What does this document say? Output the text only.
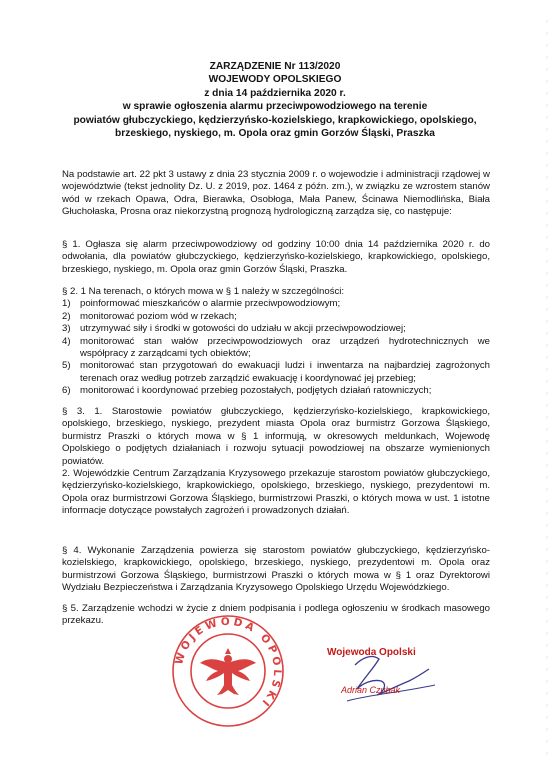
ZARZĄDZENIE Nr 113/2020
WOJEWODY OPOLSKIEGO
z dnia 14 października 2020 r.
w sprawie ogłoszenia alarmu przeciwpowodziowego na terenie
powiatów głubczyckiego, kędzierzyńsko-kozielskiego, krapkowickiego, opolskiego,
brzeskiego, nyskiego, m. Opola oraz gmin Gorzów Śląski, Praszka

Na podstawie art. 22 pkt 3 ustawy z dnia 23 stycznia 2009 r. o wojewodzie i administracji rządowej w województwie (tekst jednolity Dz. U. z 2019, poz. 1464 z późn. zm.), w związku ze wzrostem stanów wód w rzekach Opawa, Odra, Bierawka, Osobłoga, Mała Panew, Ścinawa Niemodlińska, Biała Głuchołaska, Prosna oraz niekorzystną prognozą hydrologiczną zarządza się, co następuje:

§ 1. Ogłasza się alarm przeciwpowodziowy od godziny 10:00 dnia 14 października 2020 r. do odwołania, dla powiatów głubczyckiego, kędzierzyńsko-kozielskiego, krapkowickiego, opolskiego, brzeskiego, nyskiego, m. Opola oraz gmin Gorzów Śląski, Praszka.

§ 2. 1 Na terenach, o których mowa w § 1 należy w szczególności:

1) poinformować mieszkańców o alarmie przeciwpowodziowym;
2) monitorować poziom wód w rzekach;
3) utrzymywać siły i środki w gotowości do udziału w akcji przeciwpowodziowej;
4) monitorować stan wałów przeciwpowodziowych oraz urządzeń hydrotechnicznych we współpracy z zarządcami tych obiektów;
5) monitorować stan przygotowań do ewakuacji ludzi i inwentarza na najbardziej zagrożonych terenach oraz według potrzeb zarządzić ewakuację i koordynować jej przebieg;
6) monitorować i koordynować przebieg pozostałych, podjętych działań ratowniczych;

§ 3. 1. Starostowie powiatów głubczyckiego, kędzierzyńsko-kozielskiego, krapkowickiego, opolskiego, brzeskiego, nyskiego, prezydent miasta Opola oraz burmistrz Gorzowa Śląskiego, burmistrz Praszki o których mowa w § 1 informują, w okresowych meldunkach, Wojewodę Opolskiego o podjętych działaniach i rozwoju sytuacji powodziowej na obszarze wymienionych powiatów.

2. Wojewódzkie Centrum Zarządzania Kryzysowego przekazuje starostom powiatów głubczyckiego, kędzierzyńsko-kozielskiego, krapkowickiego, opolskiego, brzeskiego, nyskiego, prezydentowi m. Opola oraz burmistrzowi Gorzowa Śląskiego, burmistrzowi Praszki, o których mowa w ust. 1 istotne informacje dotyczące powstałych zagrożeń i prowadzonych działań.

§ 4. Wykonanie Zarządzenia powierza się starostom powiatów głubczyckiego, kędzierzyńsko-kozielskiego, krapkowickiego, opolskiego, brzeskiego, nyskiego, prezydentowi m. Opola oraz burmistrzowi Gorzowa Śląskiego, burmistrzowi Praszki o których mowa w § 1 oraz Dyrektorowi Wydziału Bezpieczeństwa i Zarządzania Kryzysowego Opolskiego Urzędu Wojewódzkiego.

§ 5. Zarządzenie wchodzi w życie z dniem podpisania i podlega ogłoszeniu w środkach masowego przekazu.

WOJEWODA OPOLSKI
Wojewoda Opolski
Adrian Czubak
